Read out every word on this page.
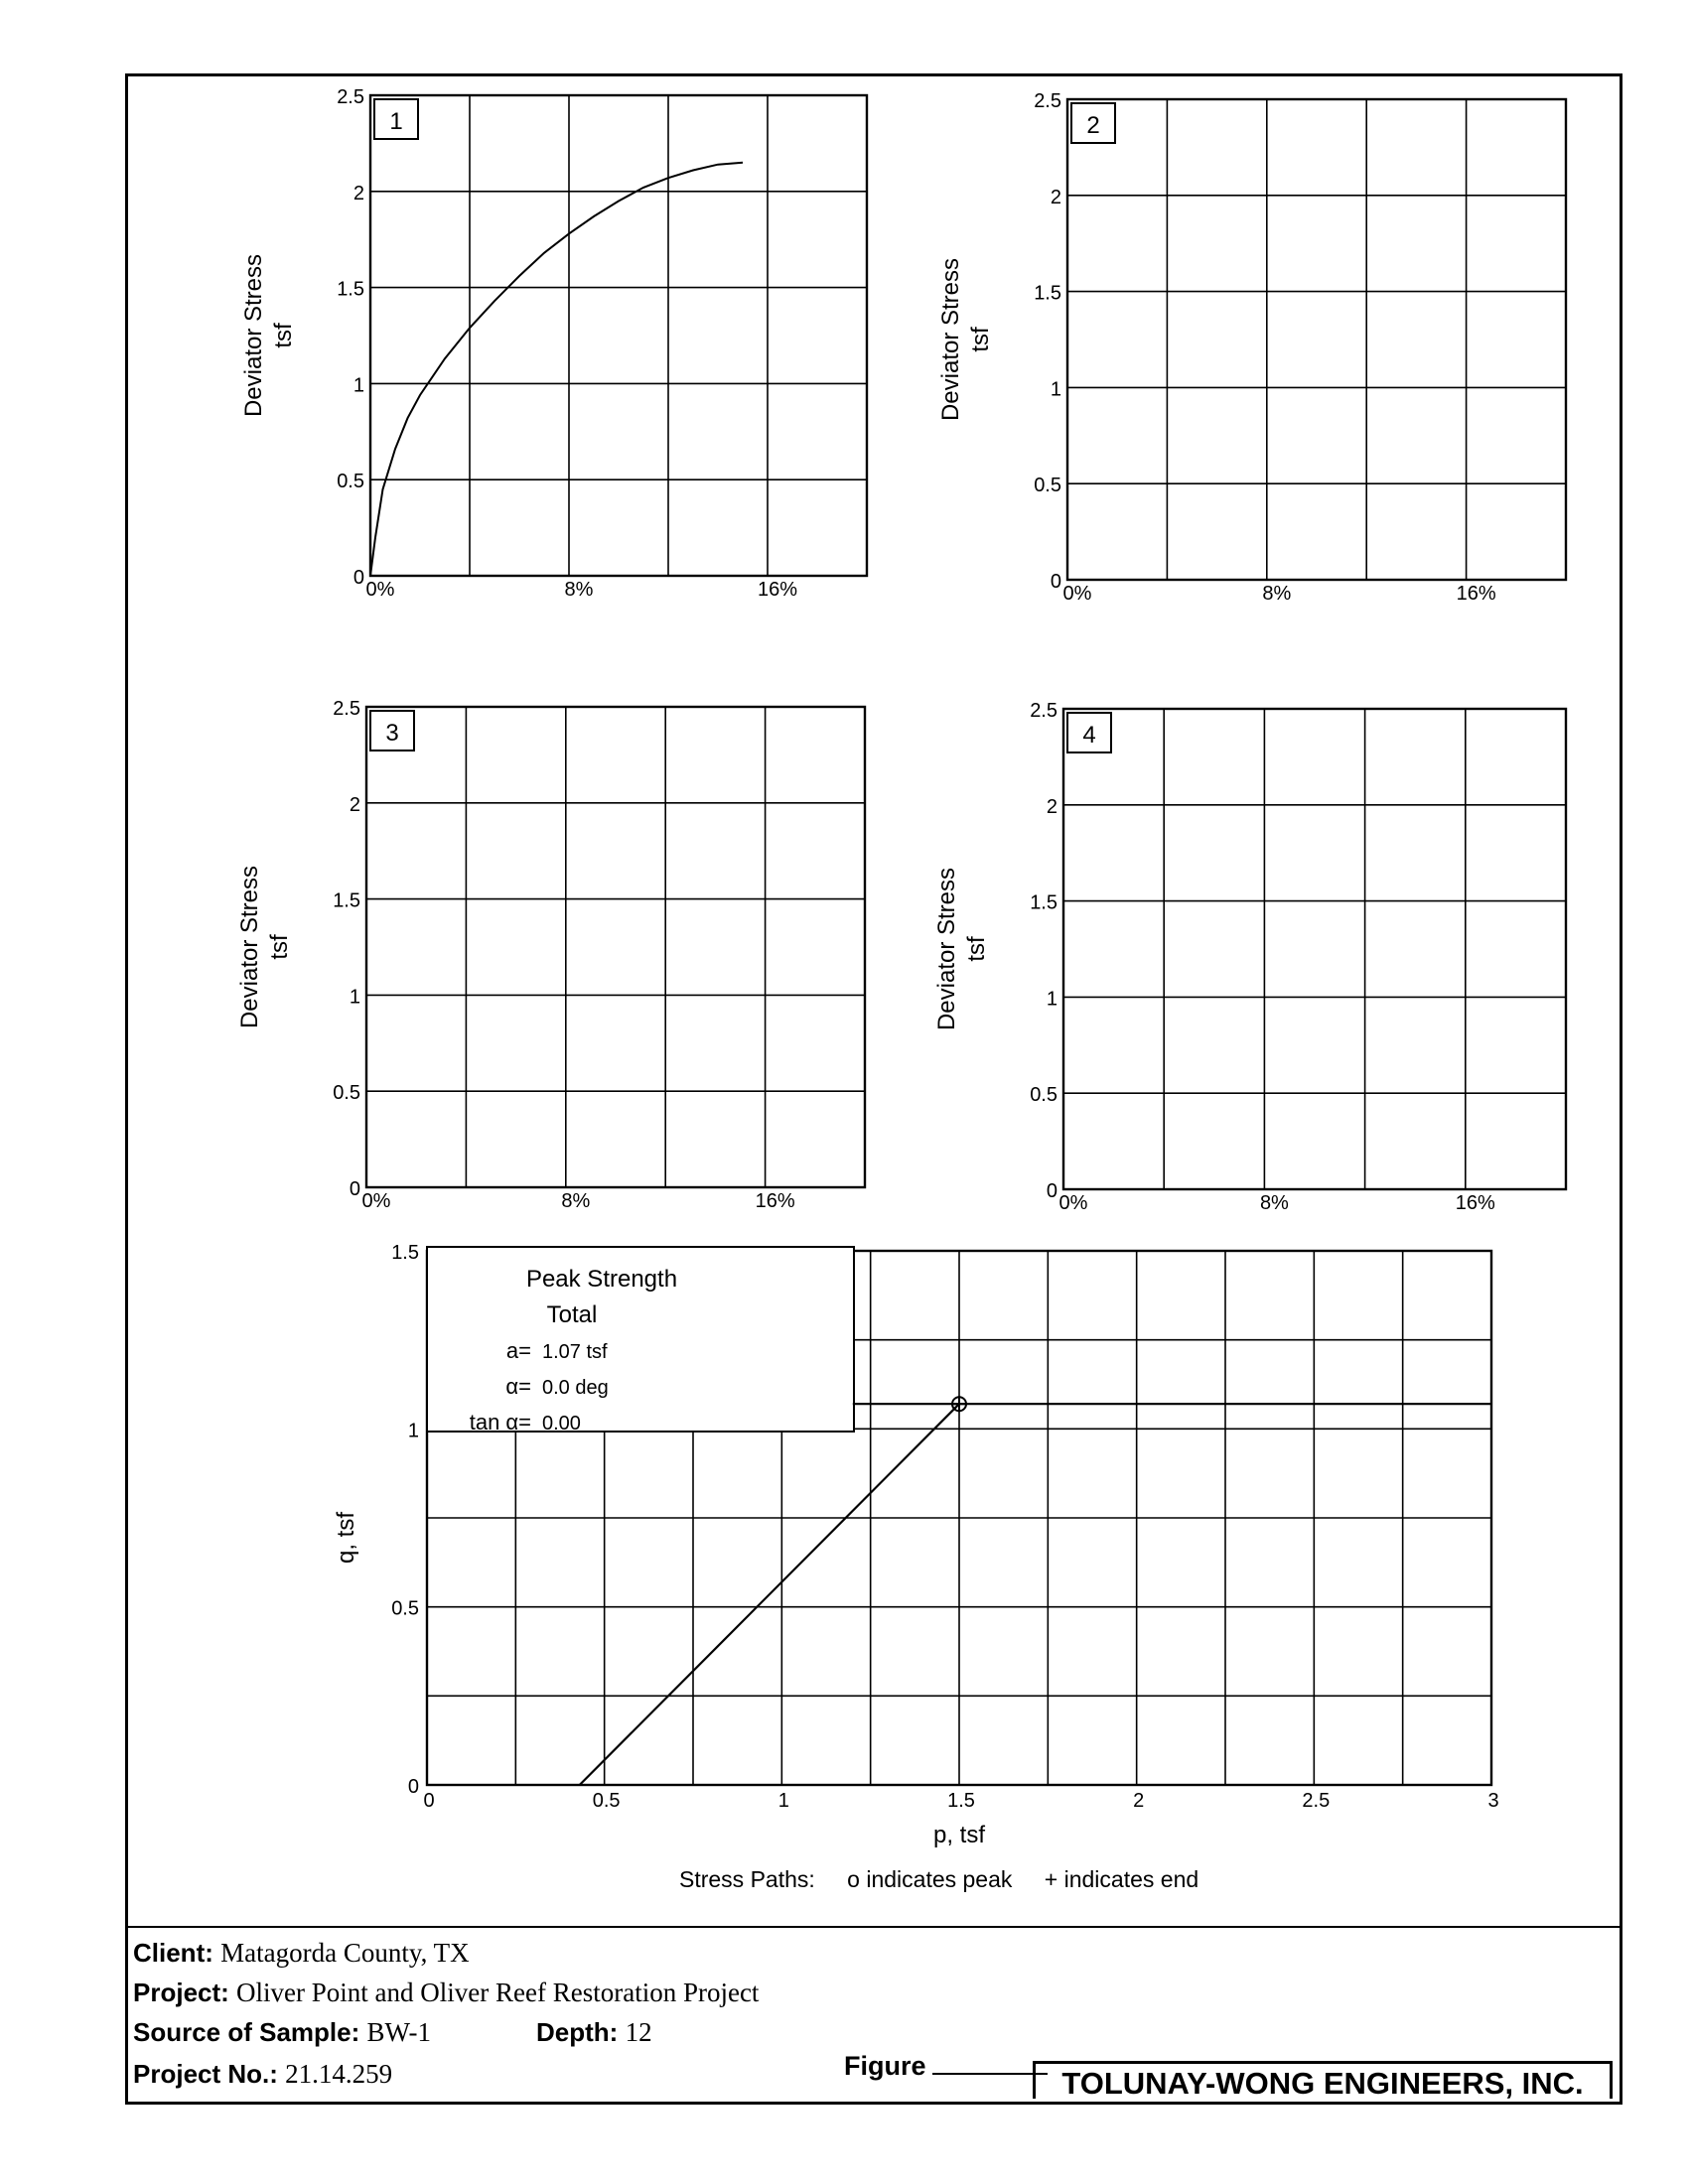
1
0
0.5
1
1.5
2
2.5
0%	8%	16%
Deviator Stress tsf
2
0
0.5
1
1.5
2
2.5
0%	8%	16%
Deviator Stress tsf
3
0
0.5
1
1.5
2
2.5
0%	8%	16%
Deviator Stress tsf
4
0
0.5
1
1.5
2
2.5
0%	8%	16%
Deviator Stress tsf
Peak Strength
Total
a= 1.07 tsf
α= 0.0 deg
tan α= 0.00
0	0.5	1	1.5	2	2.5	3
0
0.5
1
1.5
p, tsf
q, tsf
Stress Paths: o indicates peak + indicates end
Client: Matagorda County, TX
Project: Oliver Point and Oliver Reef Restoration Project
Source of Sample: BW-1	Depth: 12
Project No.: 21.14.259	Figure	TOLUNAY-WONG ENGINEERS, INC.
